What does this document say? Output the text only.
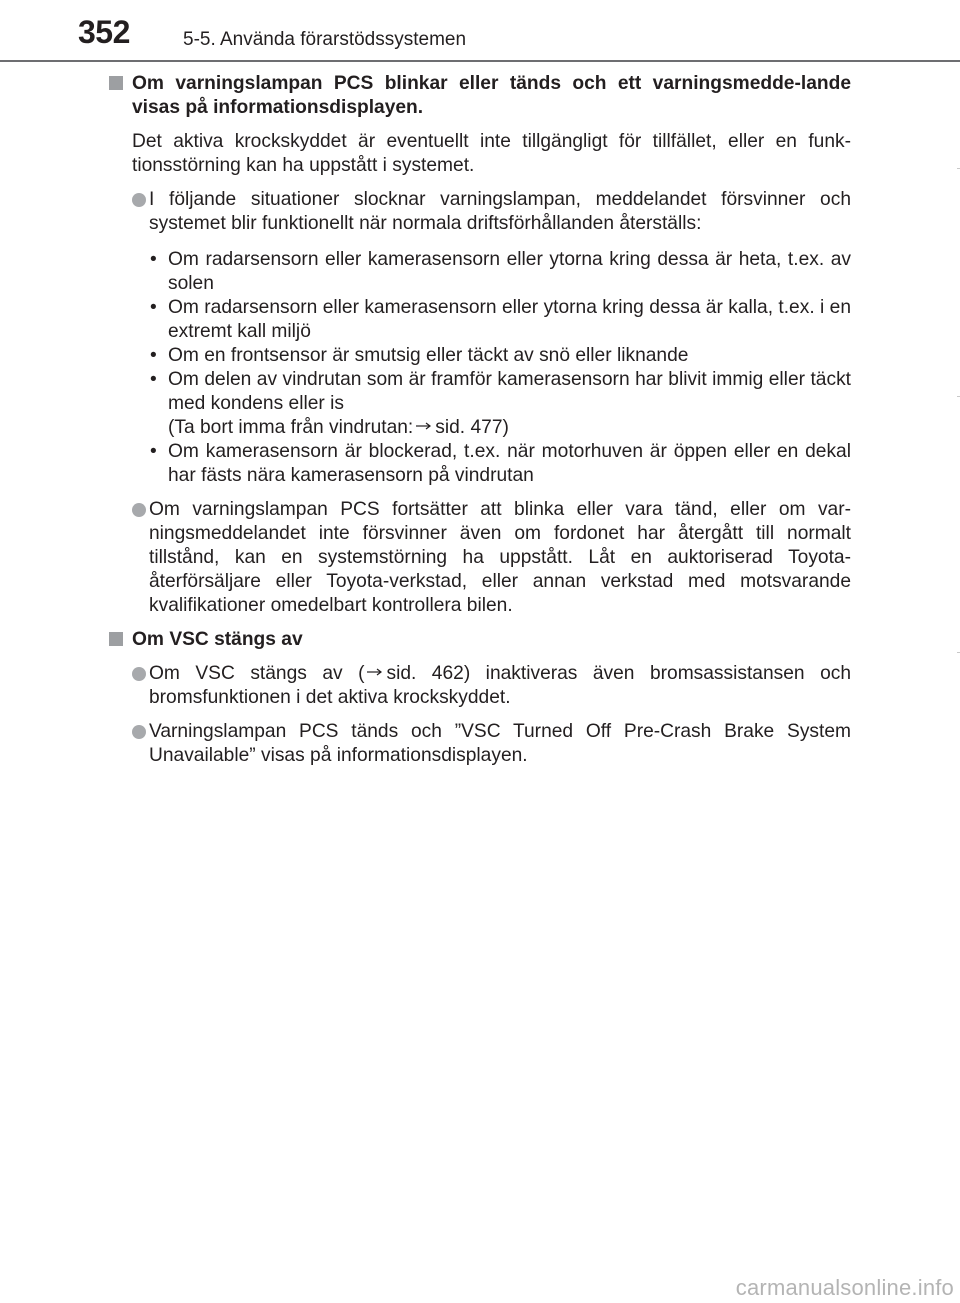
352	5-5. Använda förarstödssystemen
Om varningslampan PCS blinkar eller tänds och ett varningsmedde-lande visas på informationsdisplayen.
Det aktiva krockskyddet är eventuellt inte tillgängligt för tillfället, eller en funk-tionsstörning kan ha uppstått i systemet.
I följande situationer slocknar varningslampan, meddelandet försvinner och systemet blir funktionellt när normala driftsförhållanden återställs:
• Om radarsensorn eller kamerasensorn eller ytorna kring dessa är heta, t.ex. av solen
• Om radarsensorn eller kamerasensorn eller ytorna kring dessa är kalla, t.ex. i en extremt kall miljö
• Om en frontsensor är smutsig eller täckt av snö eller liknande
• Om delen av vindrutan som är framför kamerasensorn har blivit immig eller täckt med kondens eller is
(Ta bort imma från vindrutan: sid. 477)
• Om kamerasensorn är blockerad, t.ex. när motorhuven är öppen eller en dekal har fästs nära kamerasensorn på vindrutan
Om varningslampan PCS fortsätter att blinka eller vara tänd, eller om var-ningsmeddelandet inte försvinner även om fordonet har återgått till normalt tillstånd, kan en systemstörning ha uppstått. Låt en auktoriserad Toyota-återförsäljare eller Toyota-verkstad, eller annan verkstad med motsvarande kvalifikationer omedelbart kontrollera bilen.
Om VSC stängs av
Om VSC stängs av ( sid. 462) inaktiveras även bromsassistansen och bromsfunktionen i det aktiva krockskyddet.
Varningslampan PCS tänds och ”VSC Turned Off Pre-Crash Brake System Unavailable” visas på informationsdisplayen.
carmanualsonline.info
